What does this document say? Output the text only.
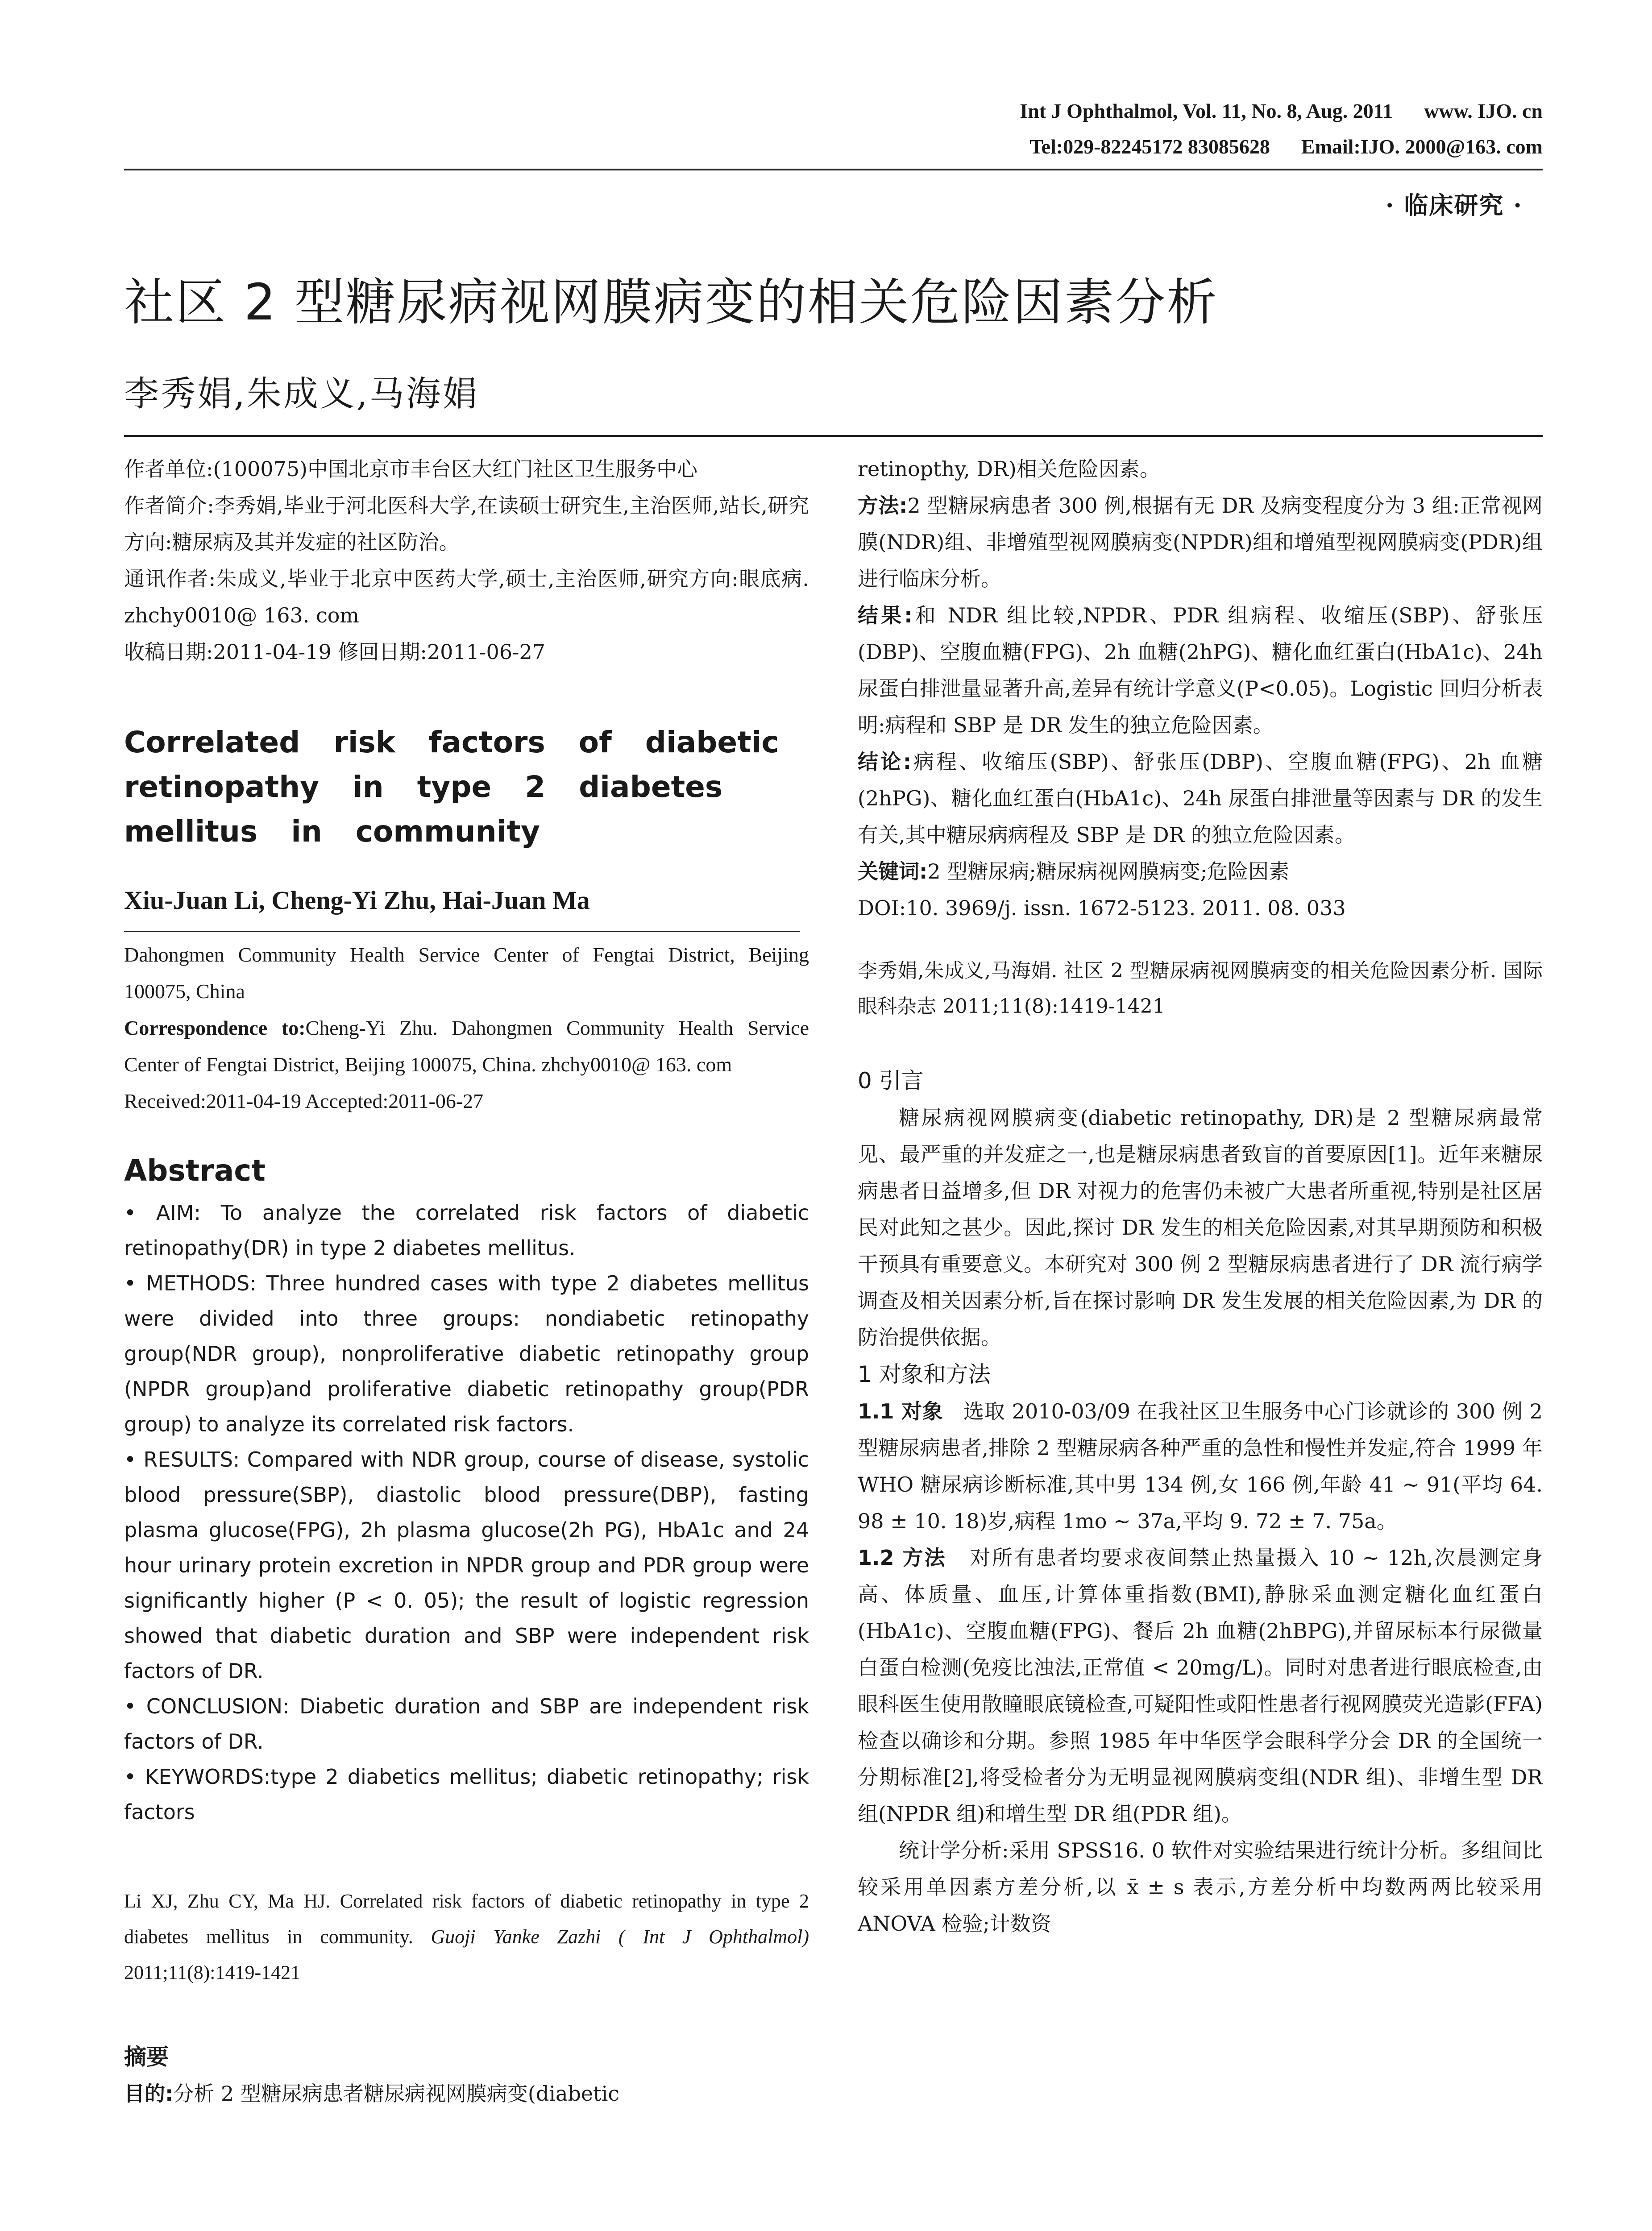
Int J Ophthalmol, Vol. 11, No. 8, Aug. 2011 www. IJO. cn
Tel:029-82245172 83085628 Email:IJO. 2000@163. com
· 临床研究 ·
社区 2 型糖尿病视网膜病变的相关危险因素分析
李秀娟,朱成义,马海娟

作者单位:(100075)中国北京市丰台区大红门社区卫生服务中心

作者简介:李秀娟,毕业于河北医科大学,在读硕士研究生,主治医师,站长,研究方向:糖尿病及其并发症的社区防治。

通讯作者:朱成义,毕业于北京中医药大学,硕士,主治医师,研究方向:眼底病. zhchy0010@ 163. com

收稿日期:2011-04-19 修回日期:2011-06-27

Correlated risk factors of diabetic retinopathy in type 2 diabetes mellitus in community
Xiu-Juan Li, Cheng-Yi Zhu, Hai-Juan Ma

Dahongmen Community Health Service Center of Fengtai District, Beijing 100075, China

Correspondence to:Cheng-Yi Zhu. Dahongmen Community Health Service Center of Fengtai District, Beijing 100075, China. zhchy0010@ 163. com

Received:2011-04-19 Accepted:2011-06-27

Abstract

• AIM: To analyze the correlated risk factors of diabetic retinopathy(DR) in type 2 diabetes mellitus.

• METHODS: Three hundred cases with type 2 diabetes mellitus were divided into three groups: nondiabetic retinopathy group(NDR group), nonproliferative diabetic retinopathy group (NPDR group)and proliferative diabetic retinopathy group(PDR group) to analyze its correlated risk factors.

• RESULTS: Compared with NDR group, course of disease, systolic blood pressure(SBP), diastolic blood pressure(DBP), fasting plasma glucose(FPG), 2h plasma glucose(2h PG), HbA1c and 24 hour urinary protein excretion in NPDR group and PDR group were significantly higher (P < 0. 05); the result of logistic regression showed that diabetic duration and SBP were independent risk factors of DR.

• CONCLUSION: Diabetic duration and SBP are independent risk factors of DR.

• KEYWORDS:type 2 diabetics mellitus; diabetic retinopathy; risk factors

Li XJ, Zhu CY, Ma HJ. Correlated risk factors of diabetic retinopathy in type 2 diabetes mellitus in community. Guoji Yanke Zazhi ( Int J Ophthalmol) 2011;11(8):1419-1421

摘要

目的:分析 2 型糖尿病患者糖尿病视网膜病变(diabetic

retinopthy, DR)相关危险因素。

方法:2 型糖尿病患者 300 例,根据有无 DR 及病变程度分为 3 组:正常视网膜(NDR)组、非增殖型视网膜病变(NPDR)组和增殖型视网膜病变(PDR)组进行临床分析。

结果:和 NDR 组比较,NPDR、PDR 组病程、收缩压(SBP)、舒张压(DBP)、空腹血糖(FPG)、2h 血糖(2hPG)、糖化血红蛋白(HbA1c)、24h 尿蛋白排泄量显著升高,差异有统计学意义(P<0.05)。Logistic 回归分析表明:病程和 SBP 是 DR 发生的独立危险因素。

结论:病程、收缩压(SBP)、舒张压(DBP)、空腹血糖(FPG)、2h 血糖(2hPG)、糖化血红蛋白(HbA1c)、24h 尿蛋白排泄量等因素与 DR 的发生有关,其中糖尿病病程及 SBP 是 DR 的独立危险因素。

关键词:2 型糖尿病;糖尿病视网膜病变;危险因素

DOI:10. 3969/j. issn. 1672-5123. 2011. 08. 033

李秀娟,朱成义,马海娟. 社区 2 型糖尿病视网膜病变的相关危险因素分析. 国际眼科杂志 2011;11(8):1419-1421

0 引言

糖尿病视网膜病变(diabetic retinopathy, DR)是 2 型糖尿病最常见、最严重的并发症之一,也是糖尿病患者致盲的首要原因[1]。近年来糖尿病患者日益增多,但 DR 对视力的危害仍未被广大患者所重视,特别是社区居民对此知之甚少。因此,探讨 DR 发生的相关危险因素,对其早期预防和积极干预具有重要意义。本研究对 300 例 2 型糖尿病患者进行了 DR 流行病学调查及相关因素分析,旨在探讨影响 DR 发生发展的相关危险因素,为 DR 的防治提供依据。

1 对象和方法

1.1 对象 选取 2010-03/09 在我社区卫生服务中心门诊就诊的 300 例 2 型糖尿病患者,排除 2 型糖尿病各种严重的急性和慢性并发症,符合 1999 年 WHO 糖尿病诊断标准,其中男 134 例,女 166 例,年龄 41 ~ 91(平均 64. 98 ± 10. 18)岁,病程 1mo ~ 37a,平均 9. 72 ± 7. 75a。

1.2 方法 对所有患者均要求夜间禁止热量摄入 10 ~ 12h,次晨测定身高、体质量、血压,计算体重指数(BMI),静脉采血测定糖化血红蛋白(HbA1c)、空腹血糖(FPG)、餐后 2h 血糖(2hBPG),并留尿标本行尿微量白蛋白检测(免疫比浊法,正常值 < 20mg/L)。同时对患者进行眼底检查,由眼科医生使用散瞳眼底镜检查,可疑阳性或阳性患者行视网膜荧光造影(FFA)检查以确诊和分期。参照 1985 年中华医学会眼科学分会 DR 的全国统一分期标准[2],将受检者分为无明显视网膜病变组(NDR 组)、非增生型 DR 组(NPDR 组)和增生型 DR 组(PDR 组)。

统计学分析:采用 SPSS16. 0 软件对实验结果进行统计分析。多组间比较采用单因素方差分析,以 x̄ ± s 表示,方差分析中均数两两比较采用 ANOVA 检验;计数资
